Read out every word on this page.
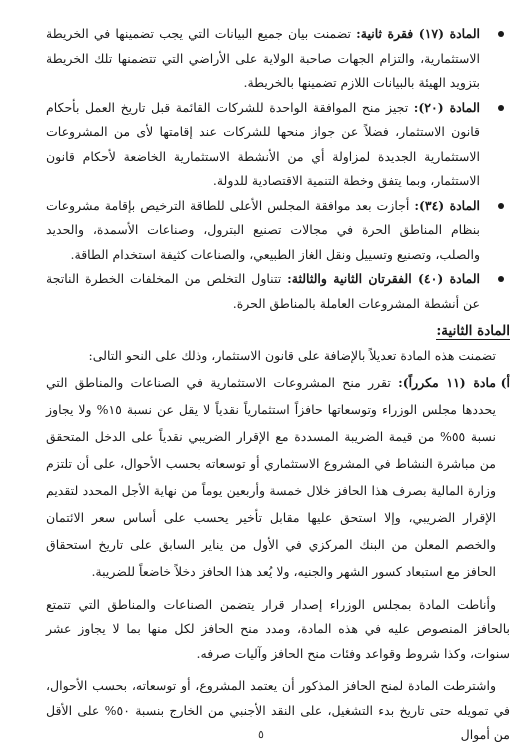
المادة (١٧) فقرة ثانية: تضمنت بيان جميع البيانات التي يجب تضمينها في الخريطة الاستثمارية، والتزام الجهات صاحبة الولاية على الأراضي التي تتضمنها تلك الخريطة بتزويد الهيئة بالبيانات اللازم تضمينها بالخريطة.
المادة (٢٠): تجيز منح الموافقة الواحدة للشركات القائمة قبل تاريخ العمل بأحكام قانون الاستثمار، فضلاً عن جواز منحها للشركات عند إقامتها لأى من المشروعات الاستثمارية الجديدة لمزاولة أي من الأنشطة الاستثمارية الخاضعة لأحكام قانون الاستثمار، وبما يتفق وخطة التنمية الاقتصادية للدولة.
المادة (٣٤): أجازت بعد موافقة المجلس الأعلى للطاقة الترخيص بإقامة مشروعات بنظام المناطق الحرة في مجالات تصنيع البترول، وصناعات الأسمدة، والحديد والصلب، وتصنيع وتسييل ونقل الغاز الطبيعي، والصناعات كثيفة استخدام الطاقة.
المادة (٤٠) الفقرتان الثانية والثالثة: تتناول التخلص من المخلفات الخطرة الناتجة عن أنشطة المشروعات العاملة بالمناطق الحرة.
المادة الثانية:

تضمنت هذه المادة تعديلاً بالإضافة على قانون الاستثمار، وذلك على النحو التالى:

أ)
مادة (١١ مكرراً): تقرر منح المشروعات الاستثمارية في الصناعات والمناطق التي يحددها مجلس الوزراء وتوسعاتها حافزاً استثمارياً نقدياً لا يقل عن نسبة ١٥% ولا يجاوز نسبة ٥٥% من قيمة الضريبة المسددة مع الإقرار الضريبي نقدياً على الدخل المتحقق من مباشرة النشاط في المشروع الاستثماري أو توسعاته بحسب الأحوال، على أن تلتزم وزارة المالية بصرف هذا الحافز خلال خمسة وأربعين يوماً من نهاية الأجل المحدد لتقديم الإقرار الضريبي، وإلا استحق عليها مقابل تأخير يحسب على أساس سعر الائتمان والخصم المعلن من البنك المركزي في الأول من يناير السابق على تاريخ استحقاق الحافز مع استبعاد كسور الشهر والجنيه، ولا يُعد هذا الحافز دخلاً خاضعاً للضريبة.

وأناطت المادة بمجلس الوزراء إصدار قرار يتضمن الصناعات والمناطق التي تتمتع بالحافز المنصوص عليه في هذه المادة، ومدد منح الحافز لكل منها بما لا يجاوز عشر سنوات، وكذا شروط وقواعد وفئات منح الحافز وآليات صرفه.

واشترطت المادة لمنح الحافز المذكور أن يعتمد المشروع، أو توسعاته، بحسب الأحوال، في تمويله حتى تاريخ بدء التشغيل، على النقد الأجنبي من الخارج بنسبة ٥٠% على الأقل من أموال

٥
